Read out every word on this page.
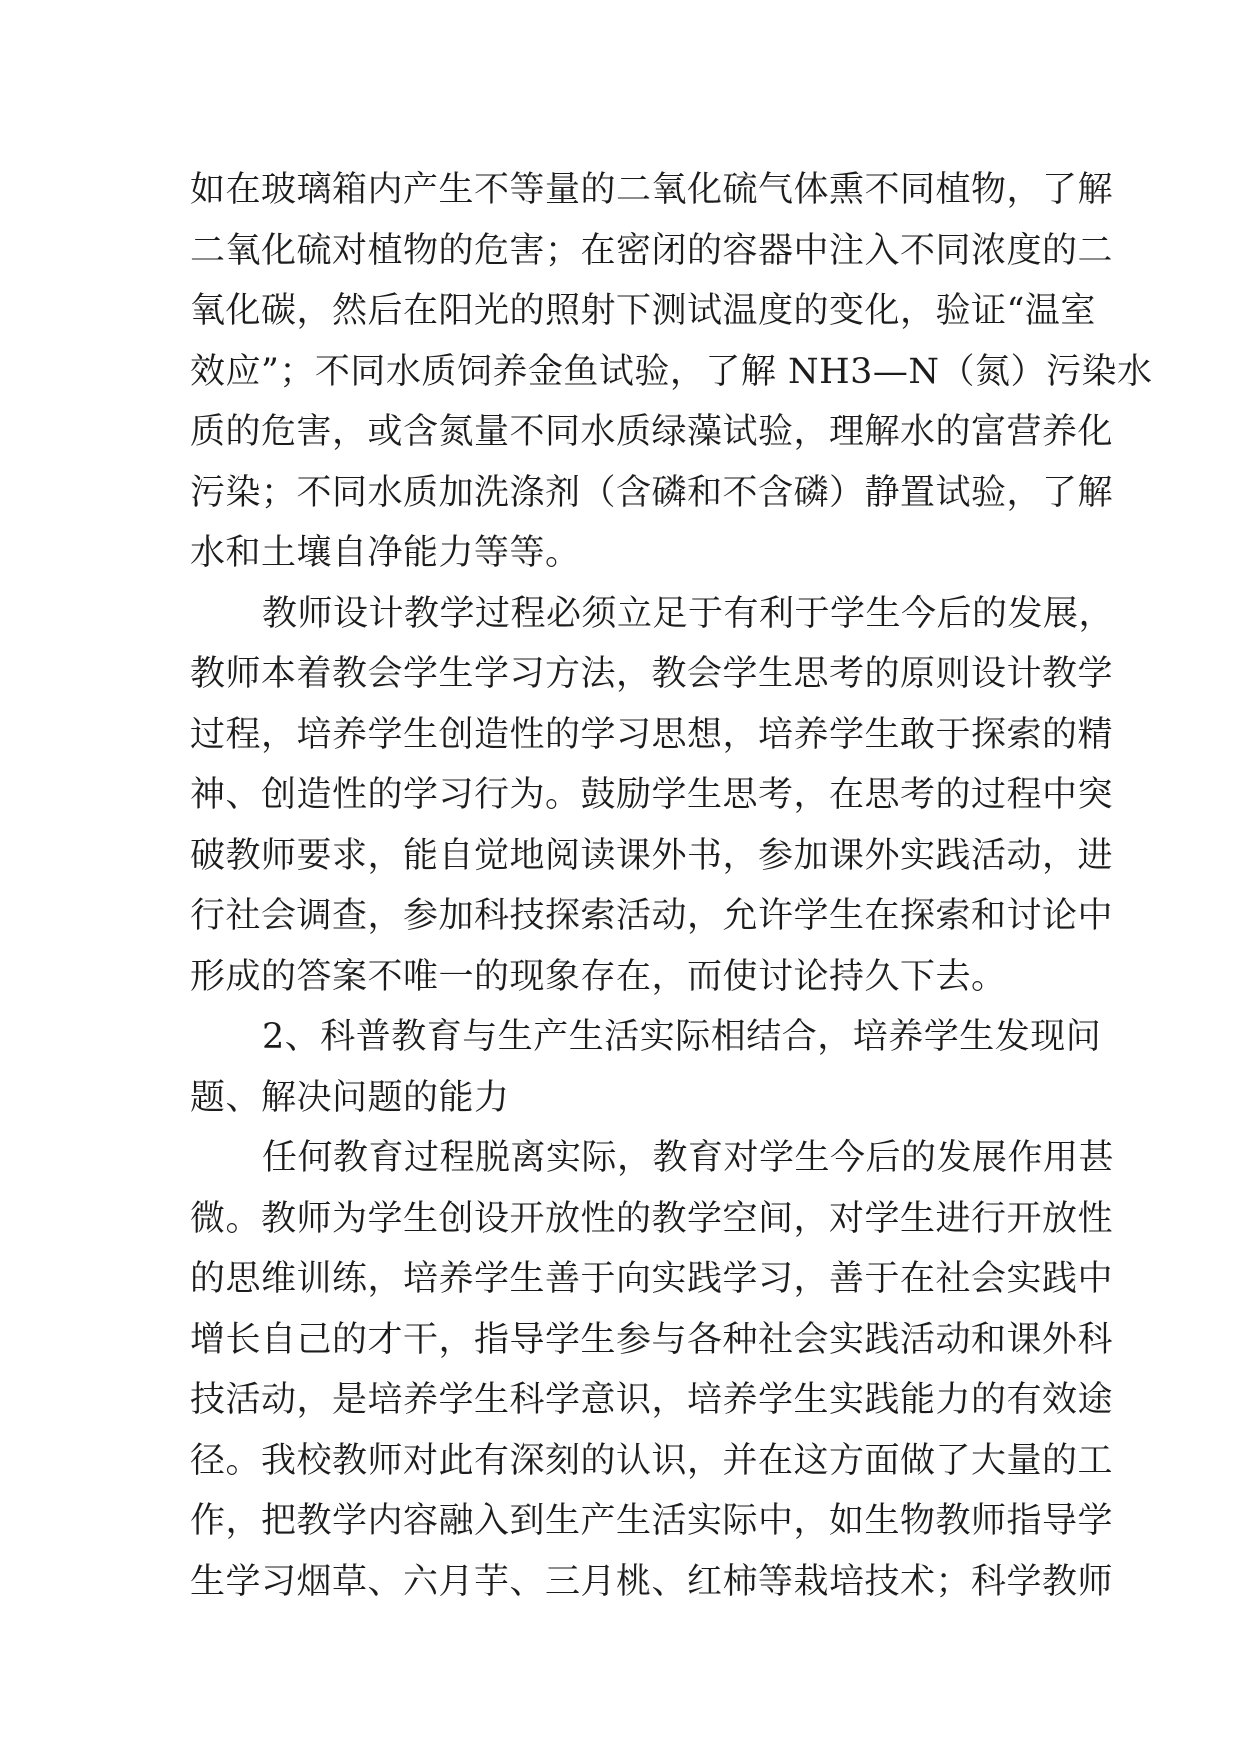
如在玻璃箱内产生不等量的二氧化硫气体熏不同植物，了解
二氧化硫对植物的危害；在密闭的容器中注入不同浓度的二
氧化碳，然后在阳光的照射下测试温度的变化，验证“温室
效应”；不同水质饲养金鱼试验，了解 NH3—N（氮）污染水
质的危害，或含氮量不同水质绿藻试验，理解水的富营养化
污染；不同水质加洗涤剂（含磷和不含磷）静置试验，了解
水和土壤自净能力等等。
教师设计教学过程必须立足于有利于学生今后的发展，
教师本着教会学生学习方法，教会学生思考的原则设计教学
过程，培养学生创造性的学习思想，培养学生敢于探索的精
神、创造性的学习行为。鼓励学生思考，在思考的过程中突
破教师要求，能自觉地阅读课外书，参加课外实践活动，进
行社会调查，参加科技探索活动，允许学生在探索和讨论中
形成的答案不唯一的现象存在，而使讨论持久下去。
2、科普教育与生产生活实际相结合，培养学生发现问
题、解决问题的能力
任何教育过程脱离实际，教育对学生今后的发展作用甚
微。教师为学生创设开放性的教学空间，对学生进行开放性
的思维训练，培养学生善于向实践学习，善于在社会实践中
增长自己的才干，指导学生参与各种社会实践活动和课外科
技活动，是培养学生科学意识，培养学生实践能力的有效途
径。我校教师对此有深刻的认识，并在这方面做了大量的工
作，把教学内容融入到生产生活实际中，如生物教师指导学
生学习烟草、六月芋、三月桃、红柿等栽培技术；科学教师
